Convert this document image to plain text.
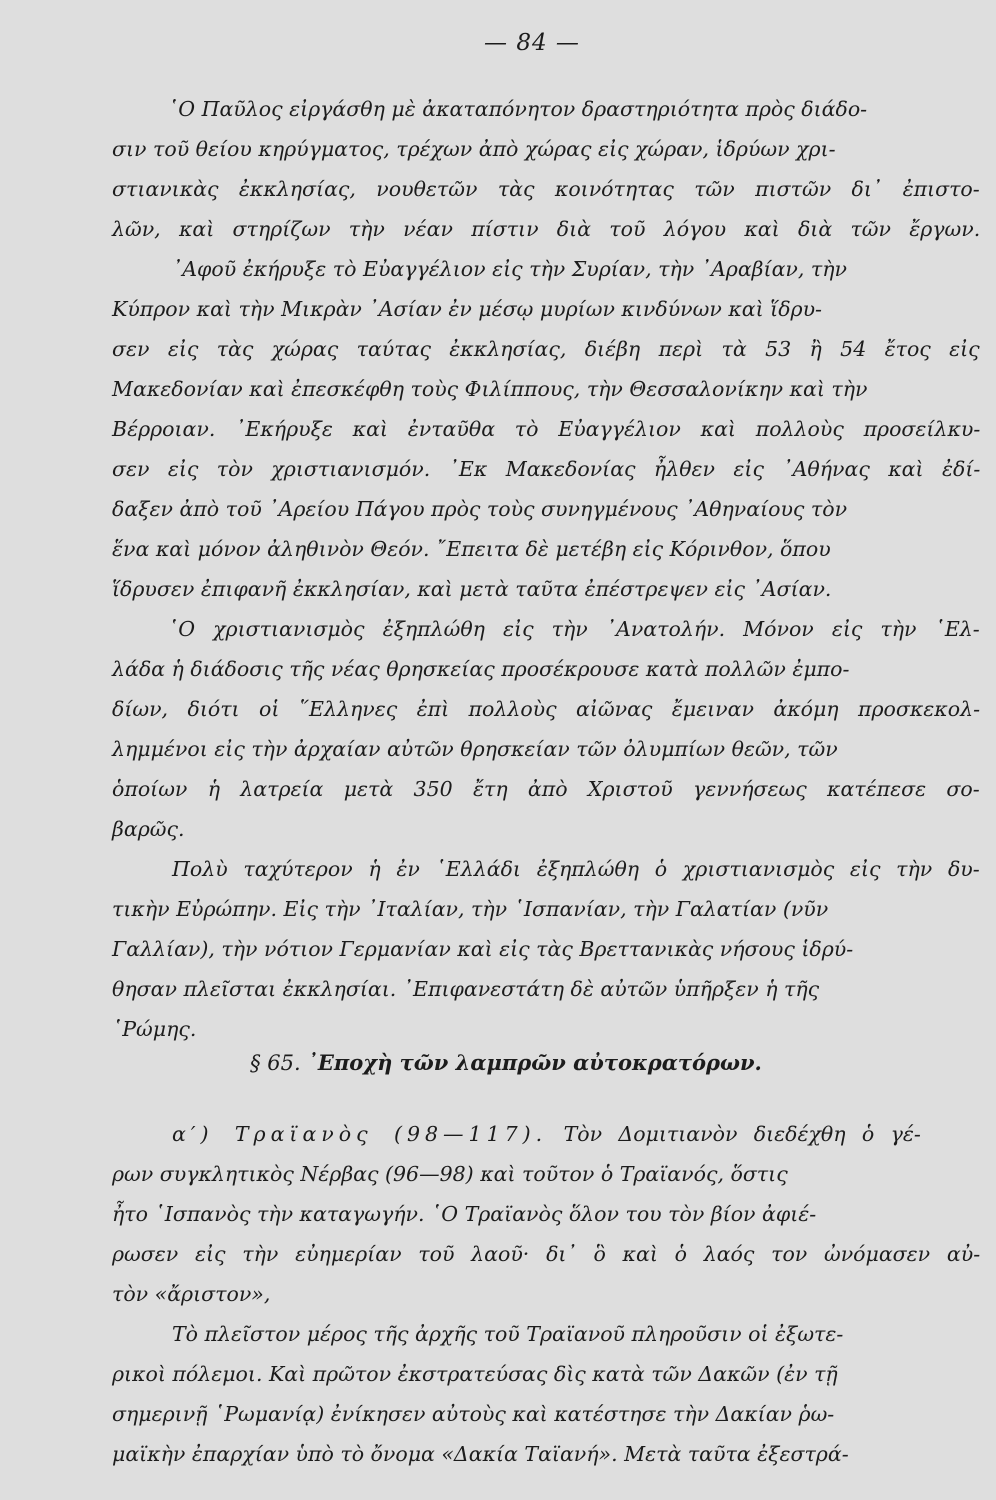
— 84 —
῾Ο Παῦλος εἰργάσθη μὲ ἀκαταπόνητον δραστηριότητα πρὸς διάδο-
σιν τοῦ θείου κηρύγματος, τρέχων ἀπὸ χώρας εἰς χώραν, ἱδρύων χρι-
στιανικὰς ἐκκλησίας, νουθετῶν τὰς κοινότητας τῶν πιστῶν δι᾽ ἐπιστο-
λῶν, καὶ στηρίζων τὴν νέαν πίστιν διὰ τοῦ λόγου καὶ διὰ τῶν ἔργων.
᾽Αφοῦ ἐκήρυξε τὸ Εὐαγγέλιον εἰς τὴν Συρίαν, τὴν ᾽Αραβίαν, τὴν
Κύπρον καὶ τὴν Μικρὰν ᾽Ασίαν ἐν μέσῳ μυρίων κινδύνων καὶ ἵδρυ-
σεν εἰς τὰς χώρας ταύτας ἐκκλησίας, διέβη περὶ τὰ 53 ἢ 54 ἔτος εἰς
Μακεδονίαν καὶ ἐπεσκέφθη τοὺς Φιλίππους, τὴν Θεσσαλονίκην καὶ τὴν
Βέρροιαν. ᾽Εκήρυξε καὶ ἐνταῦθα τὸ Εὐαγγέλιον καὶ πολλοὺς προσείλκυ-
σεν εἰς τὸν χριστιανισμόν. ᾽Εκ Μακεδονίας ἦλθεν εἰς ᾽Αθήνας καὶ ἐδί-
δαξεν ἀπὸ τοῦ ᾽Αρείου Πάγου πρὸς τοὺς συνηγμένους ᾽Αθηναίους τὸν
ἕνα καὶ μόνον ἀληθινὸν Θεόν. ῎Επειτα δὲ μετέβη εἰς Κόρινθον, ὅπου
ἵδρυσεν ἐπιφανῆ ἐκκλησίαν, καὶ μετὰ ταῦτα ἐπέστρεψεν εἰς ᾽Ασίαν.
῾Ο χριστιανισμὸς ἐξηπλώθη εἰς τὴν ᾽Ανατολήν. Μόνον εἰς τὴν ῾Ελ-
λάδα ἡ διάδοσις τῆς νέας θρησκείας προσέκρουσε κατὰ πολλῶν ἐμπο-
δίων, διότι οἱ ῞Ελληνες ἐπὶ πολλοὺς αἰῶνας ἔμειναν ἀκόμη προσκεκολ-
λημμένοι εἰς τὴν ἀρχαίαν αὐτῶν θρησκείαν τῶν ὀλυμπίων θεῶν, τῶν
ὁποίων ἡ λατρεία μετὰ 350 ἔτη ἀπὸ Χριστοῦ γεννήσεως κατέπεσε σο-
βαρῶς.
Πολὺ ταχύτερον ἡ ἐν ῾Ελλάδι ἐξηπλώθη ὁ χριστιανισμὸς εἰς τὴν δυ-
τικὴν Εὐρώπην. Εἰς τὴν ᾽Ιταλίαν, τὴν ῾Ισπανίαν, τὴν Γαλατίαν (νῦν
Γαλλίαν), τὴν νότιον Γερμανίαν καὶ εἰς τὰς Βρεττανικὰς νήσους ἱδρύ-
θησαν πλεῖσται ἐκκλησίαι. ᾽Επιφανεστάτη δὲ αὐτῶν ὑπῆρξεν ἡ τῆς
῾Ρώμης.
§ 65. ᾽Εποχὴ τῶν λαμπρῶν αὐτοκρατόρων.
α′) Τραϊανὸς (98—117). Τὸν Δομιτιανὸν διεδέχθη ὁ γέ-
ρων συγκλητικὸς Νέρβας (96—98) καὶ τοῦτον ὁ Τραϊανός, ὅστις
ἦτο ῾Ισπανὸς τὴν καταγωγήν. ῾Ο Τραϊανὸς ὅλον του τὸν βίον ἀφιέ-
ρωσεν εἰς τὴν εὐημερίαν τοῦ λαοῦ· δι᾽ ὃ καὶ ὁ λαός τον ὠνόμασεν αὐ-
τὸν «ἄριστον»,
Τὸ πλεῖστον μέρος τῆς ἀρχῆς τοῦ Τραϊανοῦ πληροῦσιν οἱ ἐξωτε-
ρικοὶ πόλεμοι. Καὶ πρῶτον ἐκστρατεύσας δὶς κατὰ τῶν Δακῶν (ἐν τῇ
σημερινῇ ῾Ρωμανίᾳ) ἐνίκησεν αὐτοὺς καὶ κατέστησε τὴν Δακίαν ῥω-
μαϊκὴν ἐπαρχίαν ὑπὸ τὸ ὄνομα «Δακία Ταϊανή». Μετὰ ταῦτα ἐξεστρά-
